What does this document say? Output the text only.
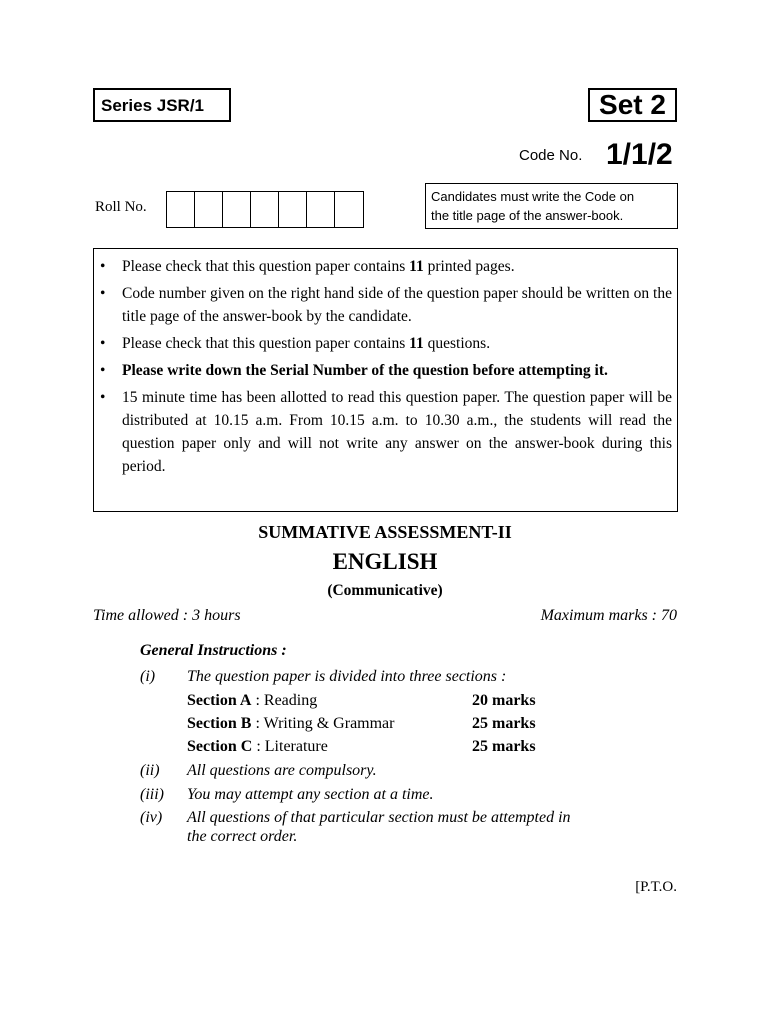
Series JSR/1	Set 2
Code No. 1/1/2
Roll No.
Candidates must write the Code on
the title page of the answer-book.
•	Please check that this question paper contains 11 printed pages.
•	Code number given on the right hand side of the question paper should be written on the title page of the answer-book by the candidate.
•	Please check that this question paper contains 11 questions.
•	Please write down the Serial Number of the question before attempting it.
•	15 minute time has been allotted to read this question paper. The question paper will be distributed at 10.15 a.m. From 10.15 a.m. to 10.30 a.m., the students will read the question paper only and will not write any answer on the answer-book during this period.
SUMMATIVE ASSESSMENT-II
ENGLISH
(Communicative)
Time allowed : 3 hours	Maximum marks : 70
General Instructions :
(i) The question paper is divided into three sections :
Section A : Reading	20 marks
Section B : Writing & Grammar	25 marks
Section C : Literature	25 marks
(ii) All questions are compulsory.
(iii) You may attempt any section at a time.
(iv) All questions of that particular section must be attempted in
the correct order.
[P.T.O.
